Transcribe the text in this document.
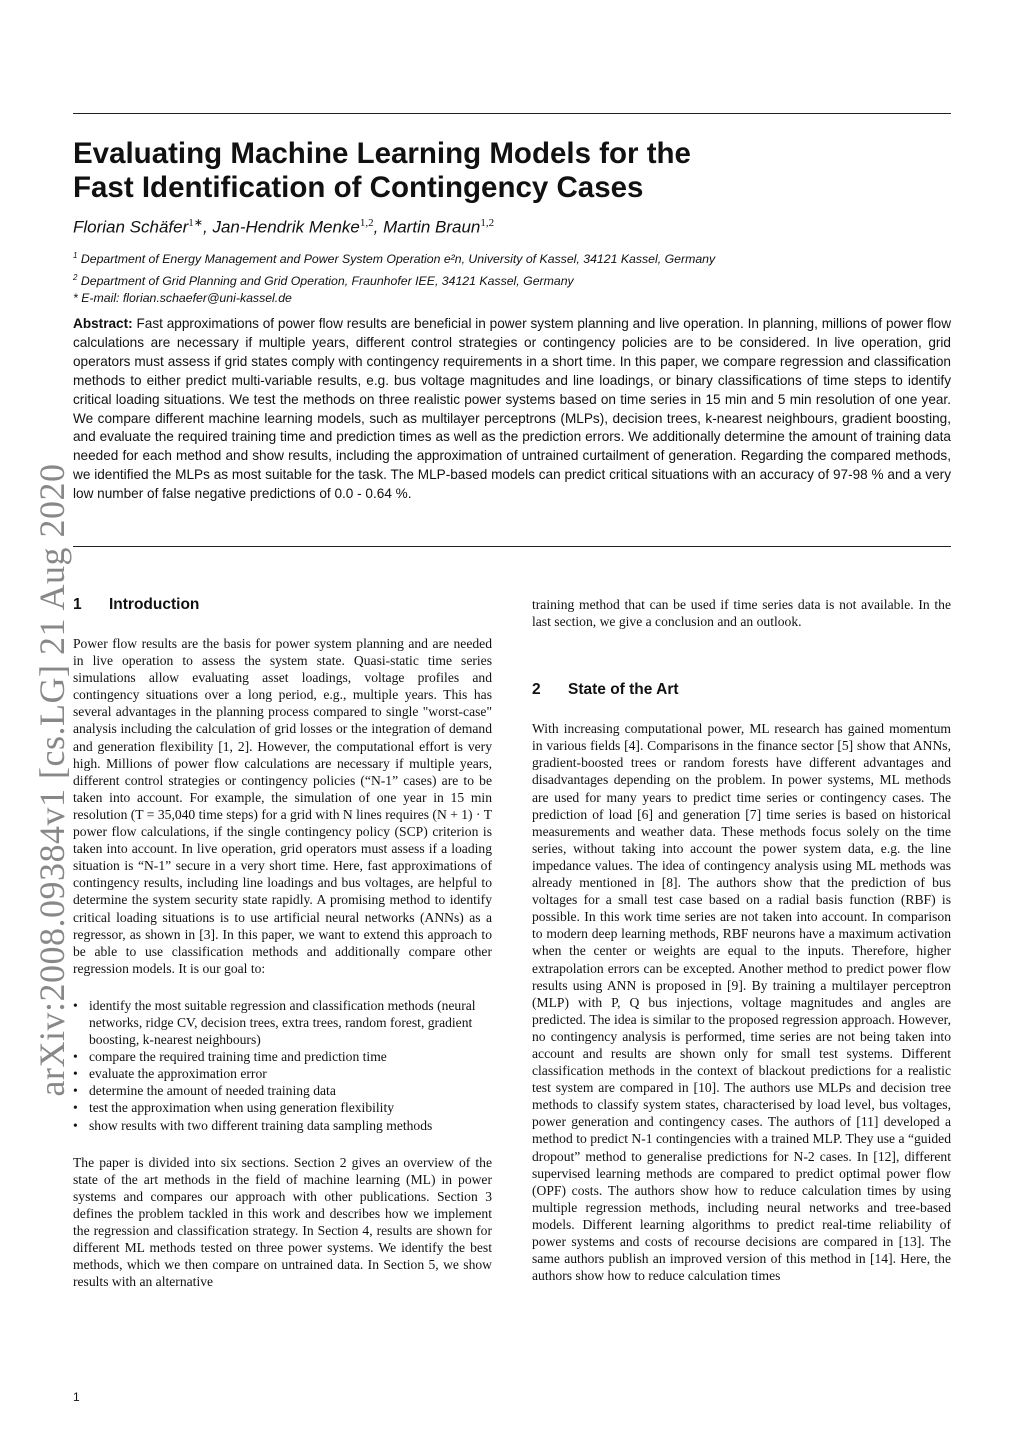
arXiv:2008.09384v1 [cs.LG] 21 Aug 2020
Evaluating Machine Learning Models for the
Fast Identification of Contingency Cases
Florian Schäfer$^{1∗}$, Jan-Hendrik Menke$^{1,2}$, Martin Braun$^{1,2}$
$^1$ Department of Energy Management and Power System Operation e²n, University of Kassel, 34121 Kassel, Germany
$^2$ Department of Grid Planning and Grid Operation, Fraunhofer IEE, 34121 Kassel, Germany
* E-mail: florian.schaefer@uni-kassel.de

Abstract: Fast approximations of power flow results are beneficial in power system planning and live operation. In planning, millions of power flow calculations are necessary if multiple years, different control strategies or contingency policies are to be considered. In live operation, grid operators must assess if grid states comply with contingency requirements in a short time. In this paper, we compare regression and classification methods to either predict multi-variable results, e.g. bus voltage magnitudes and line loadings, or binary classifications of time steps to identify critical loading situations. We test the methods on three realistic power systems based on time series in 15 min and 5 min resolution of one year. We compare different machine learning models, such as multilayer perceptrons (MLPs), decision trees, k-nearest neighbours, gradient boosting, and evaluate the required training time and prediction times as well as the prediction errors. We additionally determine the amount of training data needed for each method and show results, including the approximation of untrained curtailment of generation. Regarding the compared methods, we identified the MLPs as most suitable for the task. The MLP-based models can predict critical situations with an accuracy of 97-98 % and a very low number of false negative predictions of 0.0 - 0.64 %.

1 Introduction

Power flow results are the basis for power system planning and are needed in live operation to assess the system state. Quasi-static time series simulations allow evaluating asset loadings, voltage profiles and contingency situations over a long period, e.g., multiple years. This has several advantages in the planning process compared to single "worst-case" analysis including the calculation of grid losses or the integration of demand and generation flexibility [1, 2]. However, the computational effort is very high. Millions of power flow calculations are necessary if multiple years, different control strategies or contingency policies (“N-1” cases) are to be taken into account. For example, the simulation of one year in 15 min resolution (T = 35,040 time steps) for a grid with N lines requires (N + 1) · T power flow calculations, if the single contingency policy (SCP) criterion is taken into account. In live operation, grid operators must assess if a loading situation is “N-1” secure in a very short time. Here, fast approximations of contingency results, including line loadings and bus voltages, are helpful to determine the system security state rapidly. A promising method to identify critical loading situations is to use artificial neural networks (ANNs) as a regressor, as shown in [3]. In this paper, we want to extend this approach to be able to use classification methods and additionally compare other regression models. It is our goal to:

• identify the most suitable regression and classification methods (neural networks, ridge CV, decision trees, extra trees, random forest, gradient boosting, k-nearest neighbours)
• compare the required training time and prediction time
• evaluate the approximation error
• determine the amount of needed training data
• test the approximation when using generation flexibility
• show results with two different training data sampling methods

The paper is divided into six sections. Section 2 gives an overview of the state of the art methods in the field of machine learning (ML) in power systems and compares our approach with other publications. Section 3 defines the problem tackled in this work and describes how we implement the regression and classification strategy. In Section 4, results are shown for different ML methods tested on three power systems. We identify the best methods, which we then compare on untrained data. In Section 5, we show results with an alternative

training method that can be used if time series data is not available. In the last section, we give a conclusion and an outlook.

2 State of the Art

With increasing computational power, ML research has gained momentum in various fields [4]. Comparisons in the finance sector [5] show that ANNs, gradient-boosted trees or random forests have different advantages and disadvantages depending on the problem. In power systems, ML methods are used for many years to predict time series or contingency cases. The prediction of load [6] and generation [7] time series is based on historical measurements and weather data. These methods focus solely on the time series, without taking into account the power system data, e.g. the line impedance values. The idea of contingency analysis using ML methods was already mentioned in [8]. The authors show that the prediction of bus voltages for a small test case based on a radial basis function (RBF) is possible. In this work time series are not taken into account. In comparison to modern deep learning methods, RBF neurons have a maximum activation when the center or weights are equal to the inputs. Therefore, higher extrapolation errors can be excepted. Another method to predict power flow results using ANN is proposed in [9]. By training a multilayer perceptron (MLP) with P, Q bus injections, voltage magnitudes and angles are predicted. The idea is similar to the proposed regression approach. However, no contingency analysis is performed, time series are not being taken into account and results are shown only for small test systems. Different classification methods in the context of blackout predictions for a realistic test system are compared in [10]. The authors use MLPs and decision tree methods to classify system states, characterised by load level, bus voltages, power generation and contingency cases. The authors of [11] developed a method to predict N-1 contingencies with a trained MLP. They use a “guided dropout” method to generalise predictions for N-2 cases. In [12], different supervised learning methods are compared to predict optimal power flow (OPF) costs. The authors show how to reduce calculation times by using multiple regression methods, including neural networks and tree-based models. Different learning algorithms to predict real-time reliability of power systems and costs of recourse decisions are compared in [13]. The same authors publish an improved version of this method in [14]. Here, the authors show how to reduce calculation times

1
